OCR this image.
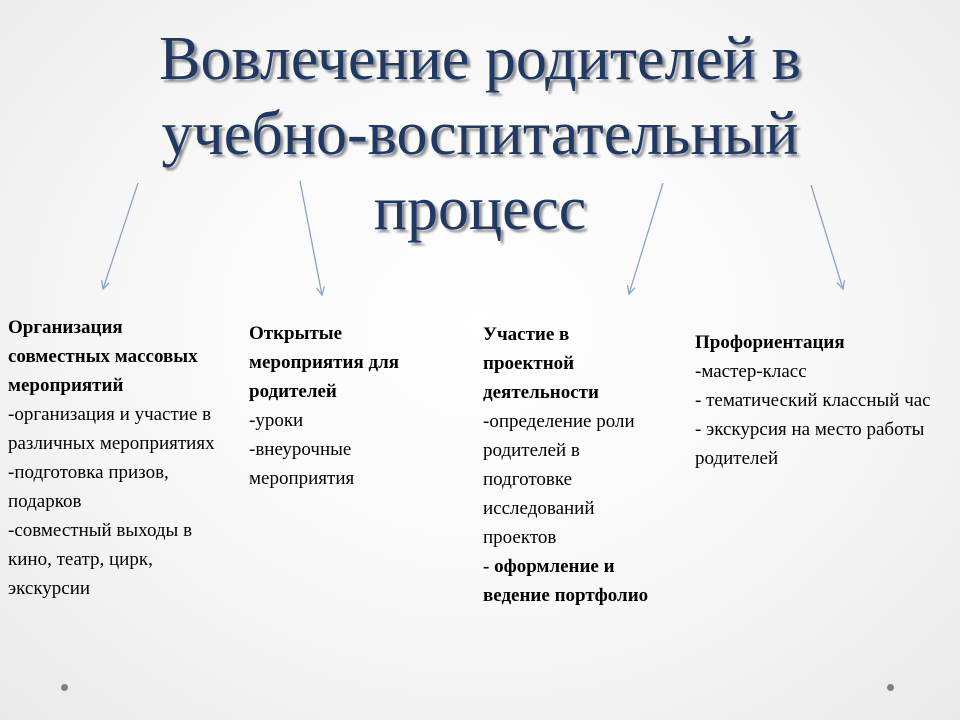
Вовлечение родителей в
учебно-воспитательный
процесс
Организация
совместных массовых
мероприятий
-организация и участие в
различных мероприятиях
-подготовка призов,
подарков
-совместный выходы в
кино, театр, цирк,
экскурсии
Открытые
мероприятия для
родителей
-уроки
-внеурочные
мероприятия
Участие в
проектной
деятельности
-определение роли
родителей в
подготовке
исследований
проектов
- оформление и
ведение портфолио
Профориентация
-мастер-класс
- тематический классный час
- экскурсия на место работы
родителей
